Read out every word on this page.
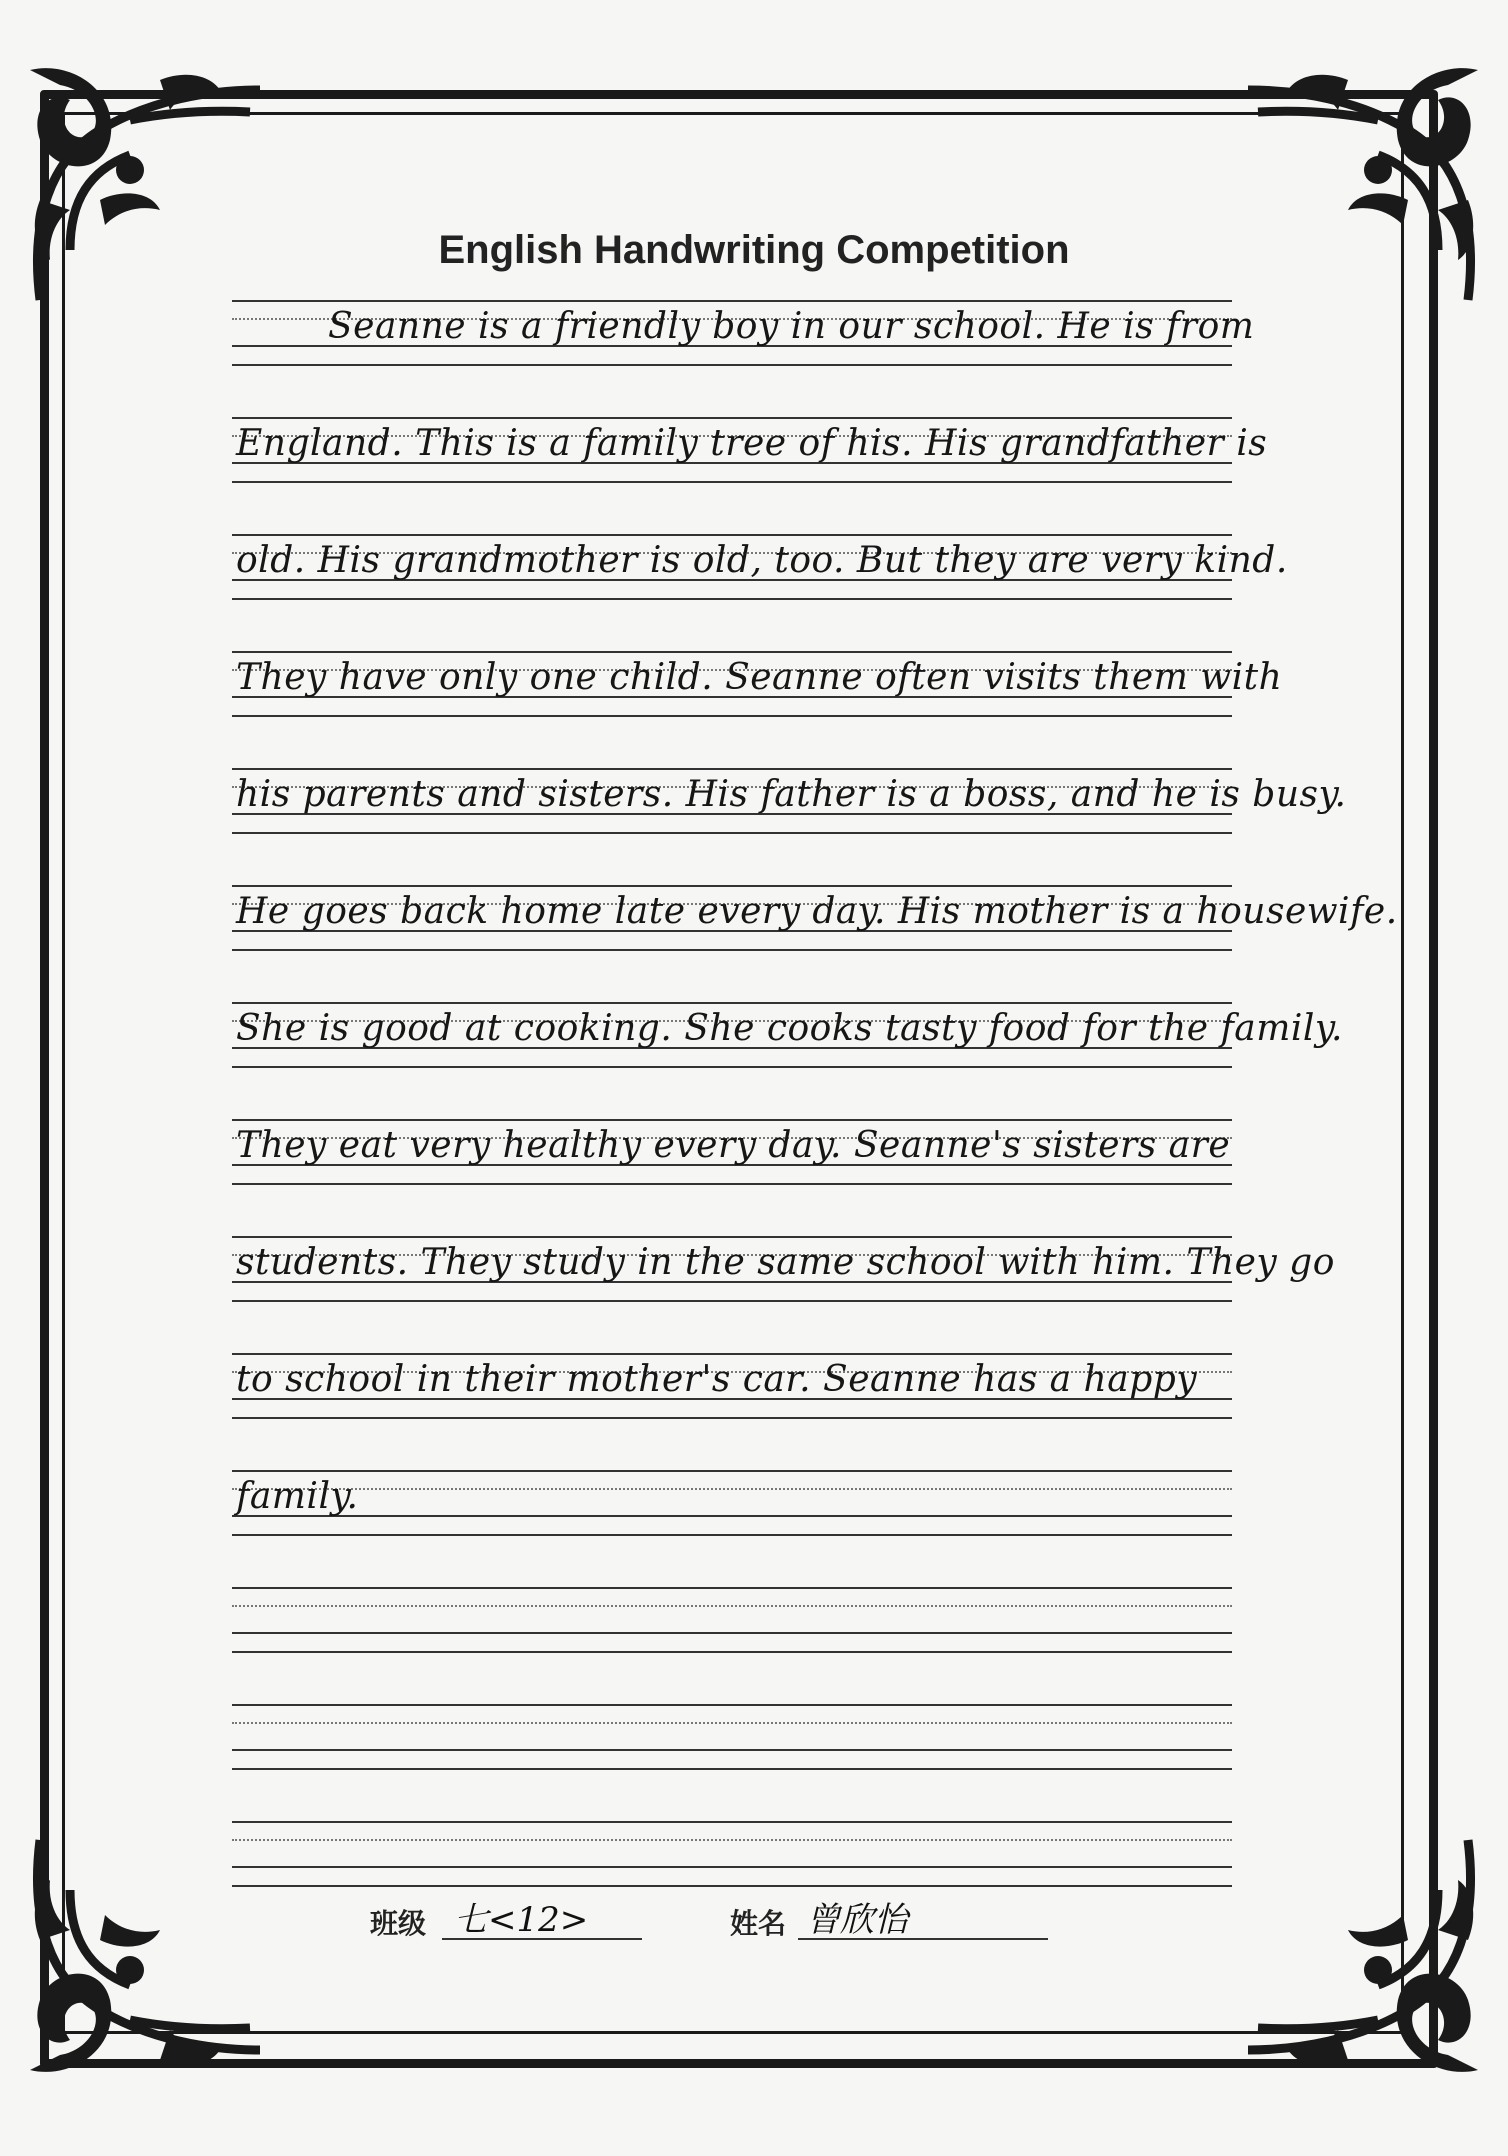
English Handwriting Competition
Seanne is a friendly boy in our school. He is from
England. This is a family tree of his. His grandfather is
old. His grandmother is old, too. But they are very kind.
They have only one child. Seanne often visits them with
his parents and sisters. His father is a boss, and he is busy.
He goes back home late every day. His mother is a housewife.
She is good at cooking. She cooks tasty food for the family.
They eat very healthy every day. Seanne's sisters are
students. They study in the same school with him. They go
to school in their mother's car. Seanne has a happy
family.
班级 七<12>	姓名 曾欣怡
